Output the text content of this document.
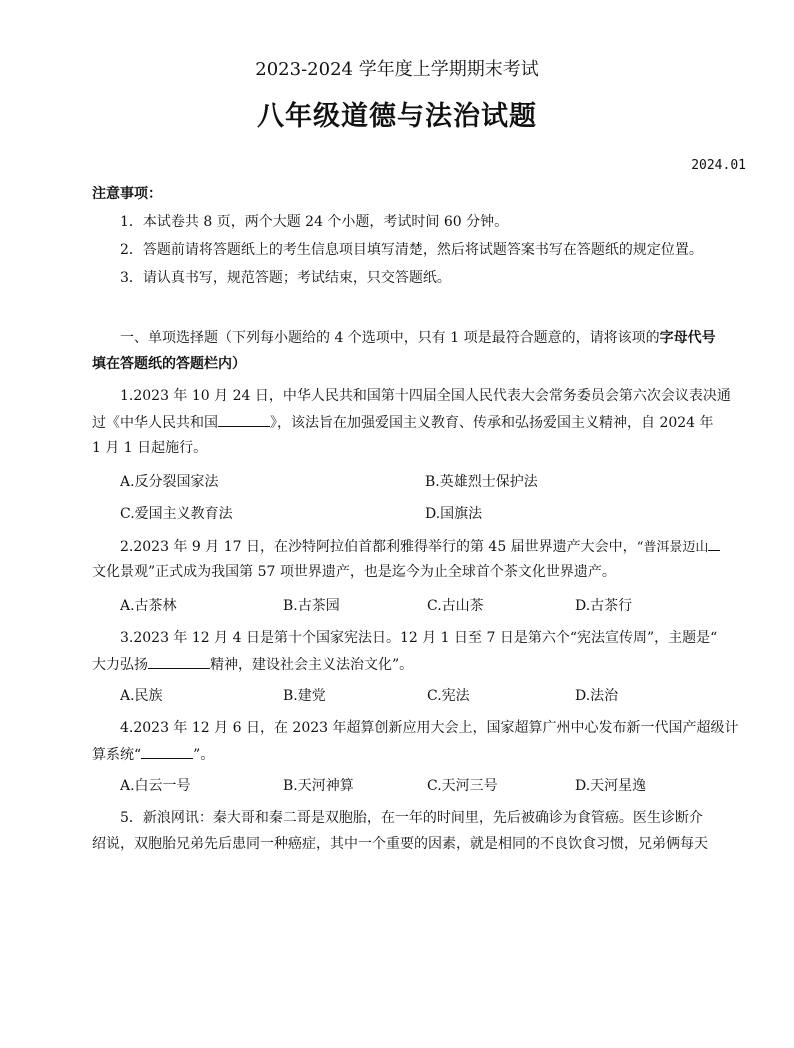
2023-2024 学年度上学期期末考试
八年级道德与法治试题
2024.01
注意事项：
1．本试卷共 8 页，两个大题 24 个小题，考试时间 60 分钟。
2．答题前请将答题纸上的考生信息项目填写清楚，然后将试题答案书写在答题纸的规定位置。
3．请认真书写，规范答题；考试结束，只交答题纸。
一、单项选择题（下列每小题给的 4 个选项中，只有 1 项是最符合题意的，请将该项的字母代号
填在答题纸的答题栏内）
1.2023 年 10 月 24 日，中华人民共和国第十四届全国人民代表大会常务委员会第六次会议表决通
过《中华人民共和国	》，该法旨在加强爱国主义教育、传承和弘扬爱国主义精神，自 2024 年
1 月 1 日起施行。
A.反分裂国家法	B.英雄烈士保护法
C.爱国主义教育法	D.国旗法
2.2023 年 9 月 17 日，在沙特阿拉伯首都利雅得举行的第 45 届世界遗产大会中，“普洱景迈山
文化景观”正式成为我国第 57 项世界遗产，也是迄今为止全球首个茶文化世界遗产。
A.古茶林	B.古茶园	C.古山茶	D.古茶行
3.2023 年 12 月 4 日是第十个国家宪法日。12 月 1 日至 7 日是第六个“宪法宣传周”，主题是“
大力弘扬	精神，建设社会主义法治文化”。
A.民族	B.建党	C.宪法	D.法治
4.2023 年 12 月 6 日，在 2023 年超算创新应用大会上，国家超算广州中心发布新一代国产超级计
算系统“	”。
A.白云一号	B.天河神算	C.天河三号	D.天河星逸
5．新浪网讯：秦大哥和秦二哥是双胞胎，在一年的时间里，先后被确诊为食管癌。医生诊断介
绍说，双胞胎兄弟先后患同一种癌症，其中一个重要的因素，就是相同的不良饮食习惯，兄弟俩每天
